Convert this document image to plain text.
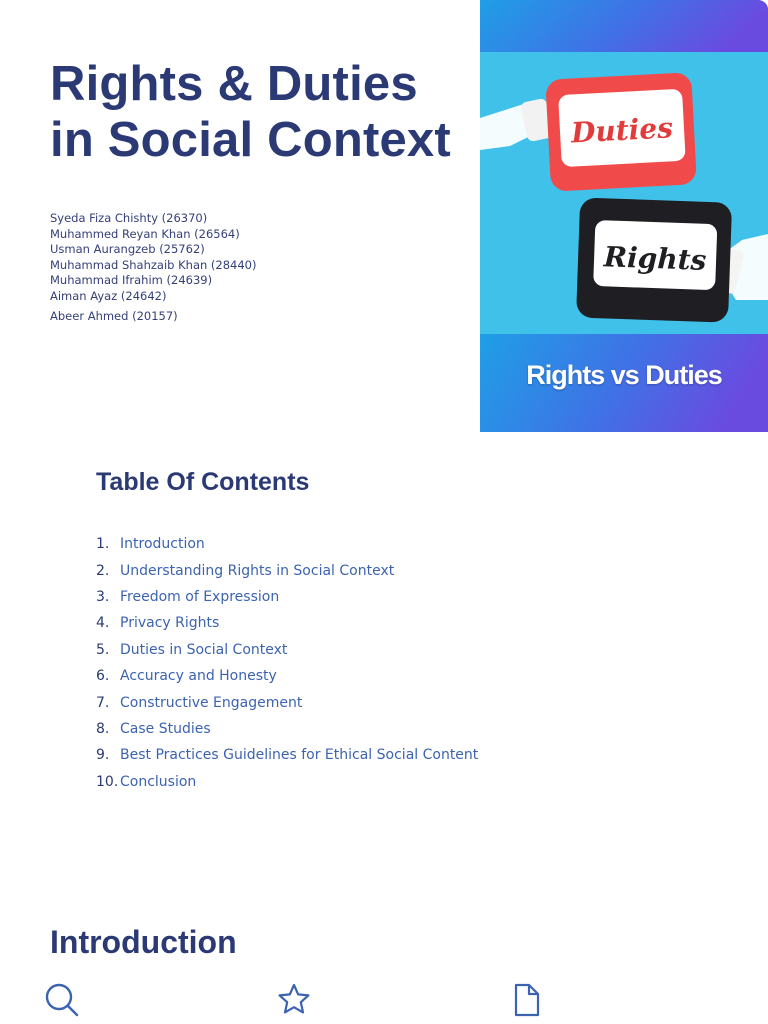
Rights & Duties
in Social Context
Syeda Fiza Chishty (26370)
Muhammed Reyan Khan (26564)
Usman Aurangzeb (25762)
Muhammad Shahzaib Khan (28440)
Muhammad Ifrahim (24639)
Aiman Ayaz (24642)
Abeer Ahmed (20157)
Duties
Rights
Rights vs Duties
Table Of Contents
1. Introduction
2. Understanding Rights in Social Context
3. Freedom of Expression
4. Privacy Rights
5. Duties in Social Context
6. Accuracy and Honesty
7. Constructive Engagement
8. Case Studies
9. Best Practices Guidelines for Ethical Social Content
10. Conclusion
Introduction
